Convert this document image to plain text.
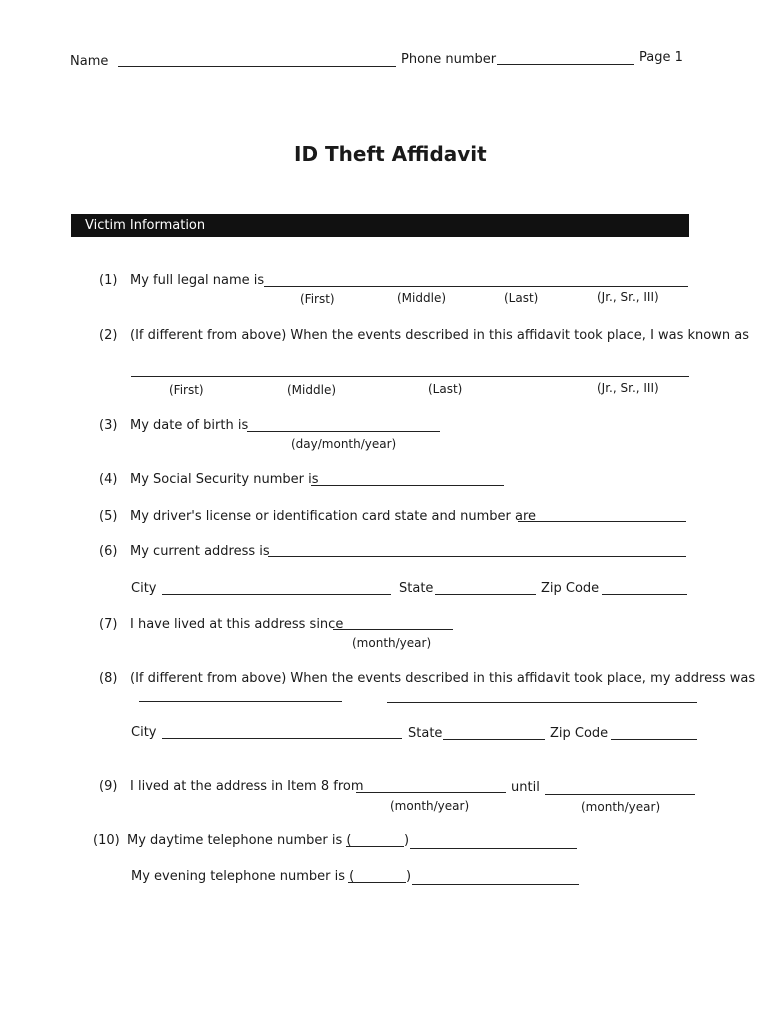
Name	Phone number	Page 1
ID Theft Affidavit
Victim Information
(1) My full legal name is
(First)	(Middle)	(Last)	(Jr., Sr., III)
(2) (If different from above) When the events described in this affidavit took place, I was known as
(First)	(Middle)	(Last)	(Jr., Sr., III)
(3) My date of birth is
(day/month/year)
(4) My Social Security number is
(5) My driver's license or identification card state and number are
(6) My current address is
City	State	Zip Code
(7) I have lived at this address since
(month/year)
(8) (If different from above) When the events described in this affidavit took place, my address was
City	State	Zip Code
(9) I lived at the address in Item 8 from	until
(month/year)	(month/year)
(10) My daytime telephone number is (	)
My evening telephone number is (	)
